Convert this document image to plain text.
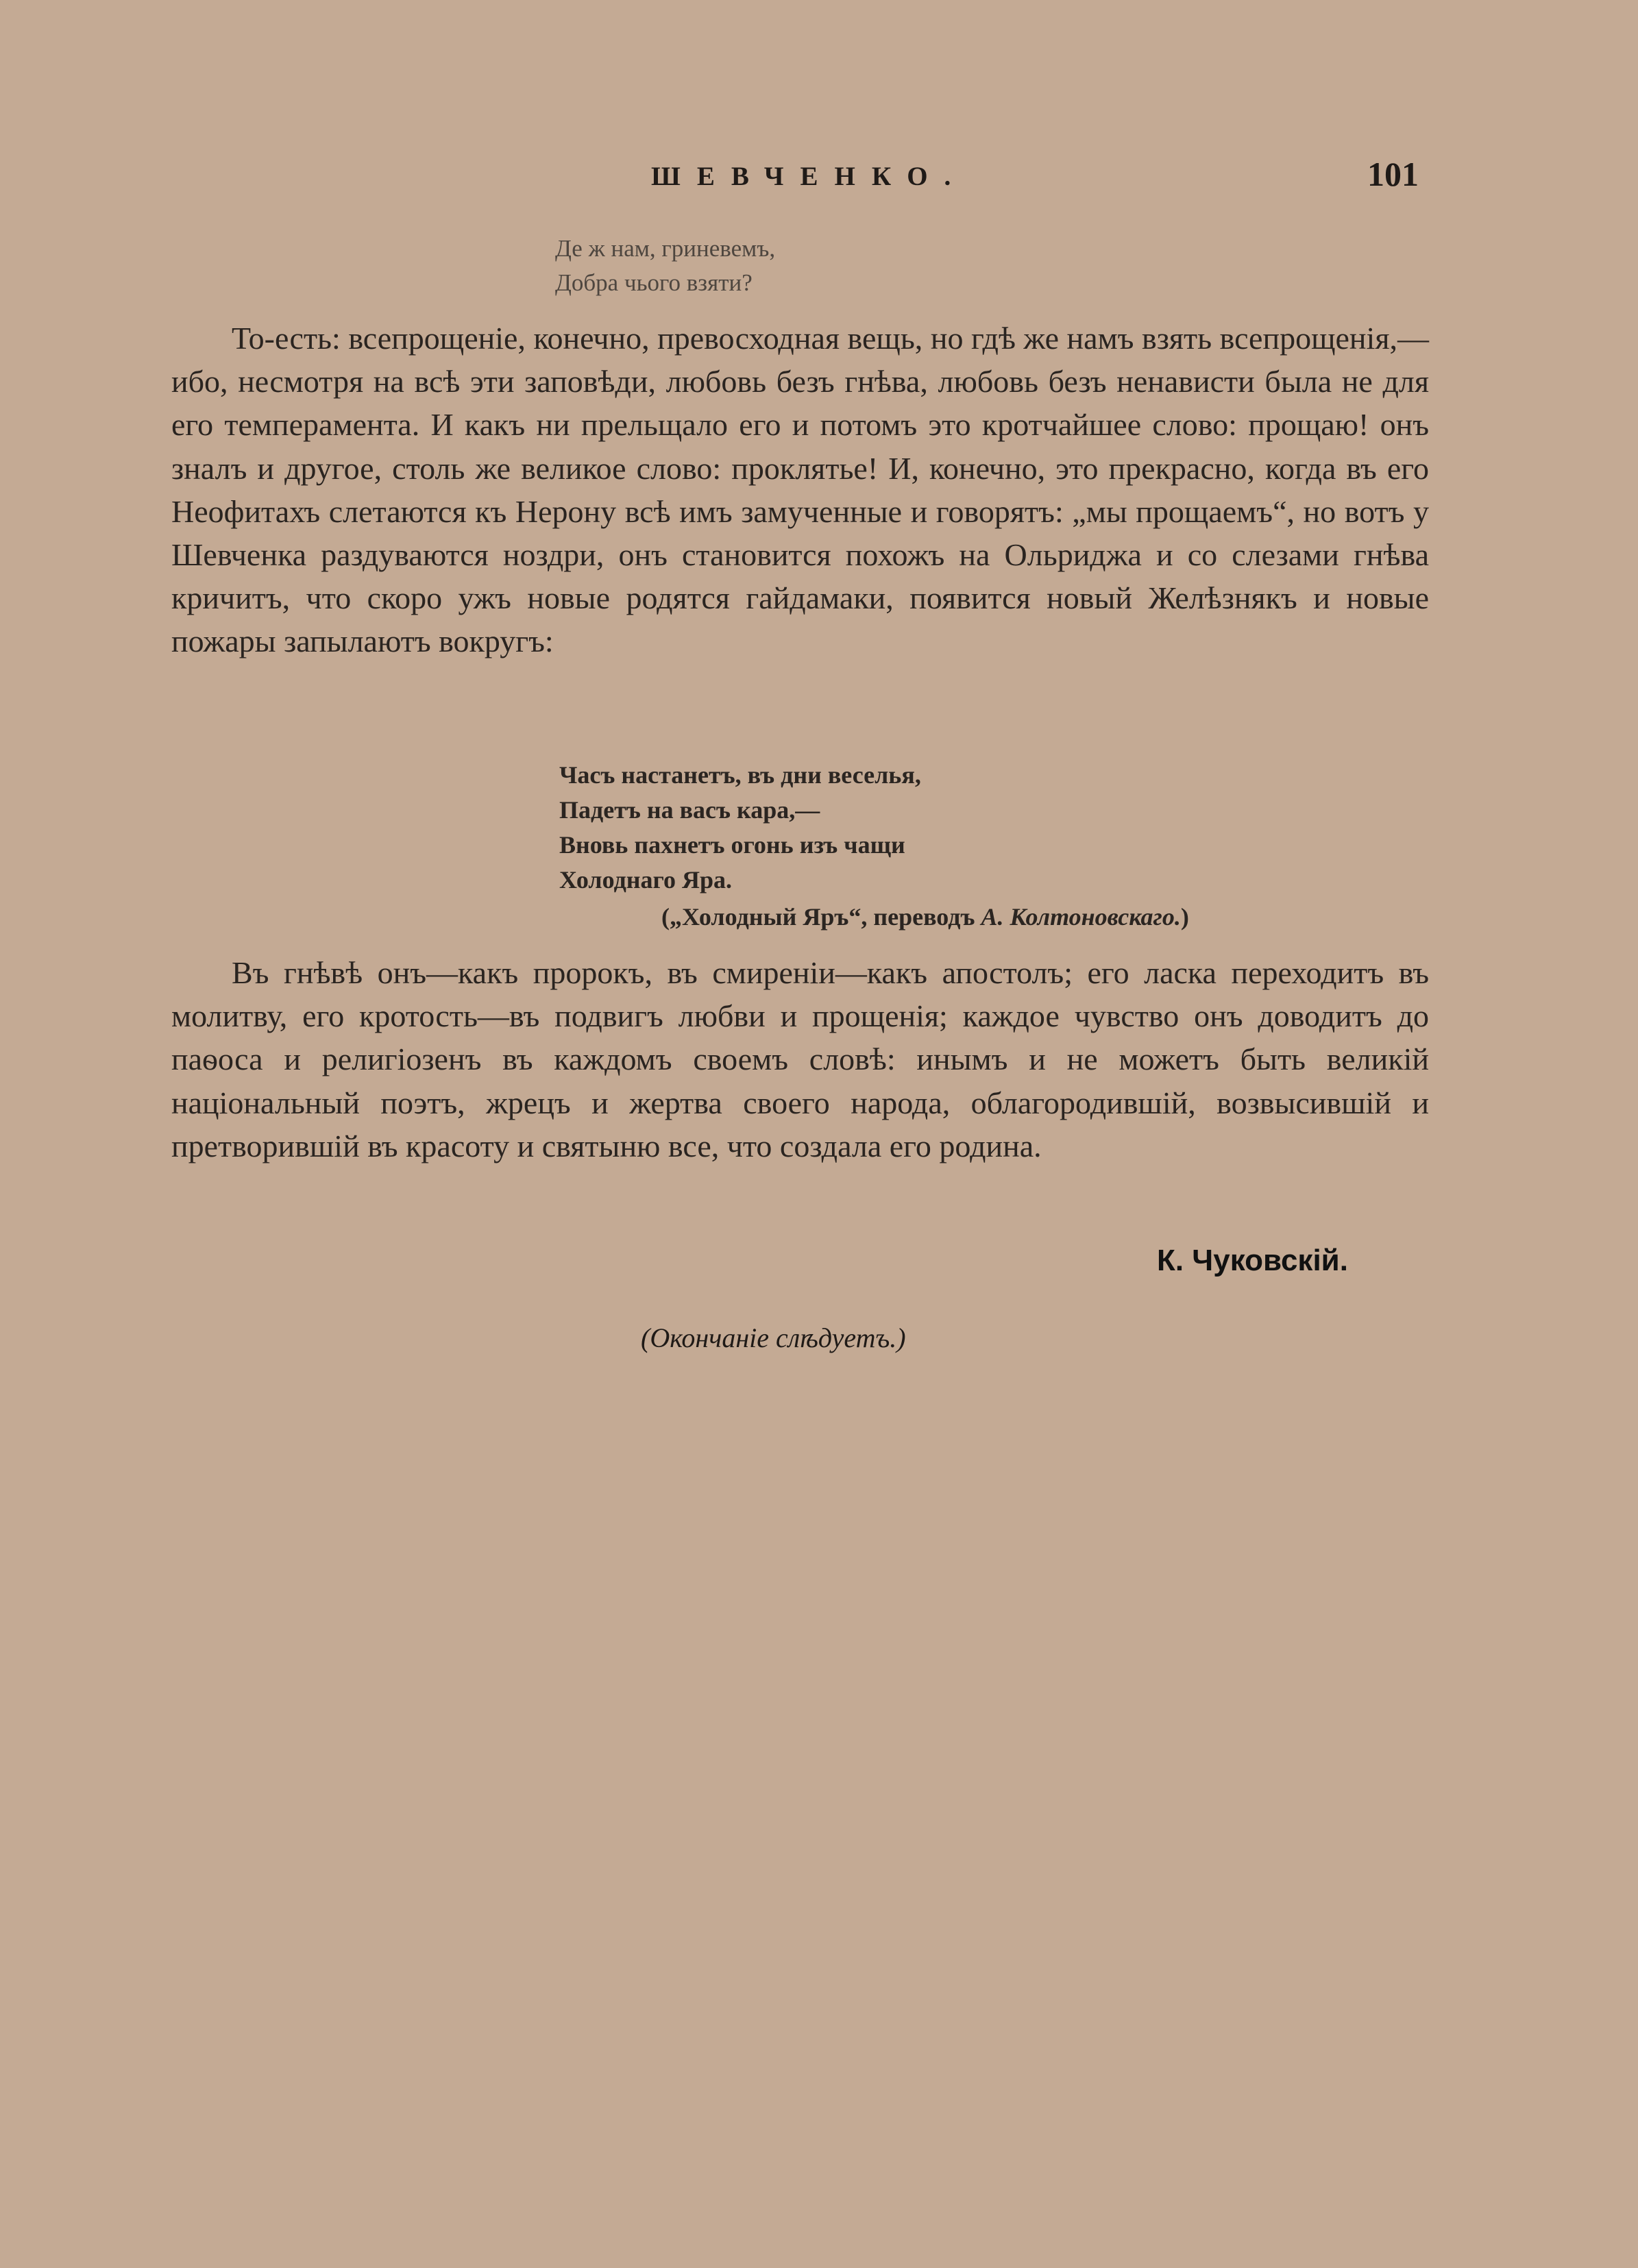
ШЕВЧЕНКО.	101
Де ж нам, гриневемъ,
Добра чього взяти?
То-есть: всепрощеніе, конечно, превосходная вещь, но гдѣ же намъ взять всепрощенія,—ибо, несмотря на всѣ эти заповѣди, любовь безъ гнѣва, любовь безъ ненависти была не для его темперамента. И какъ ни прельщало его и потомъ это кротчайшее слово: прощаю! онъ зналъ и другое, столь же великое слово: проклятье! И, конечно, это прекрасно, когда въ его Неофитахъ слетаются къ Нерону всѣ имъ замученные и говорятъ: „мы прощаемъ“, но вотъ у Шевченка раздуваются ноздри, онъ становится похожъ на Ольриджа и со слезами гнѣва кричитъ, что скоро ужъ новые родятся гайдамаки, появится новый Желѣзнякъ и новые пожары запылаютъ вокругъ:
Часъ настанетъ, въ дни веселья,
Падетъ на васъ кара,—
Вновь пахнетъ огонь изъ чащи
Холоднаго Яра.
(„Холодный Яръ“, переводъ А. Колтоновскаго.)
Въ гнѣвѣ онъ—какъ пророкъ, въ смиреніи—какъ апостолъ; его ласка переходитъ въ молитву, его кротость—въ подвигъ любви и прощенія; каждое чувство онъ доводитъ до паѳоса и религіозенъ въ каждомъ своемъ словѣ: инымъ и не можетъ быть великій національный поэтъ, жрецъ и жертва своего народа, облагородившій, возвысившій и претворившій въ красоту и святыню все, что создала его родина.
К. Чуковскій.
(Окончаніе слѣдуетъ.)
